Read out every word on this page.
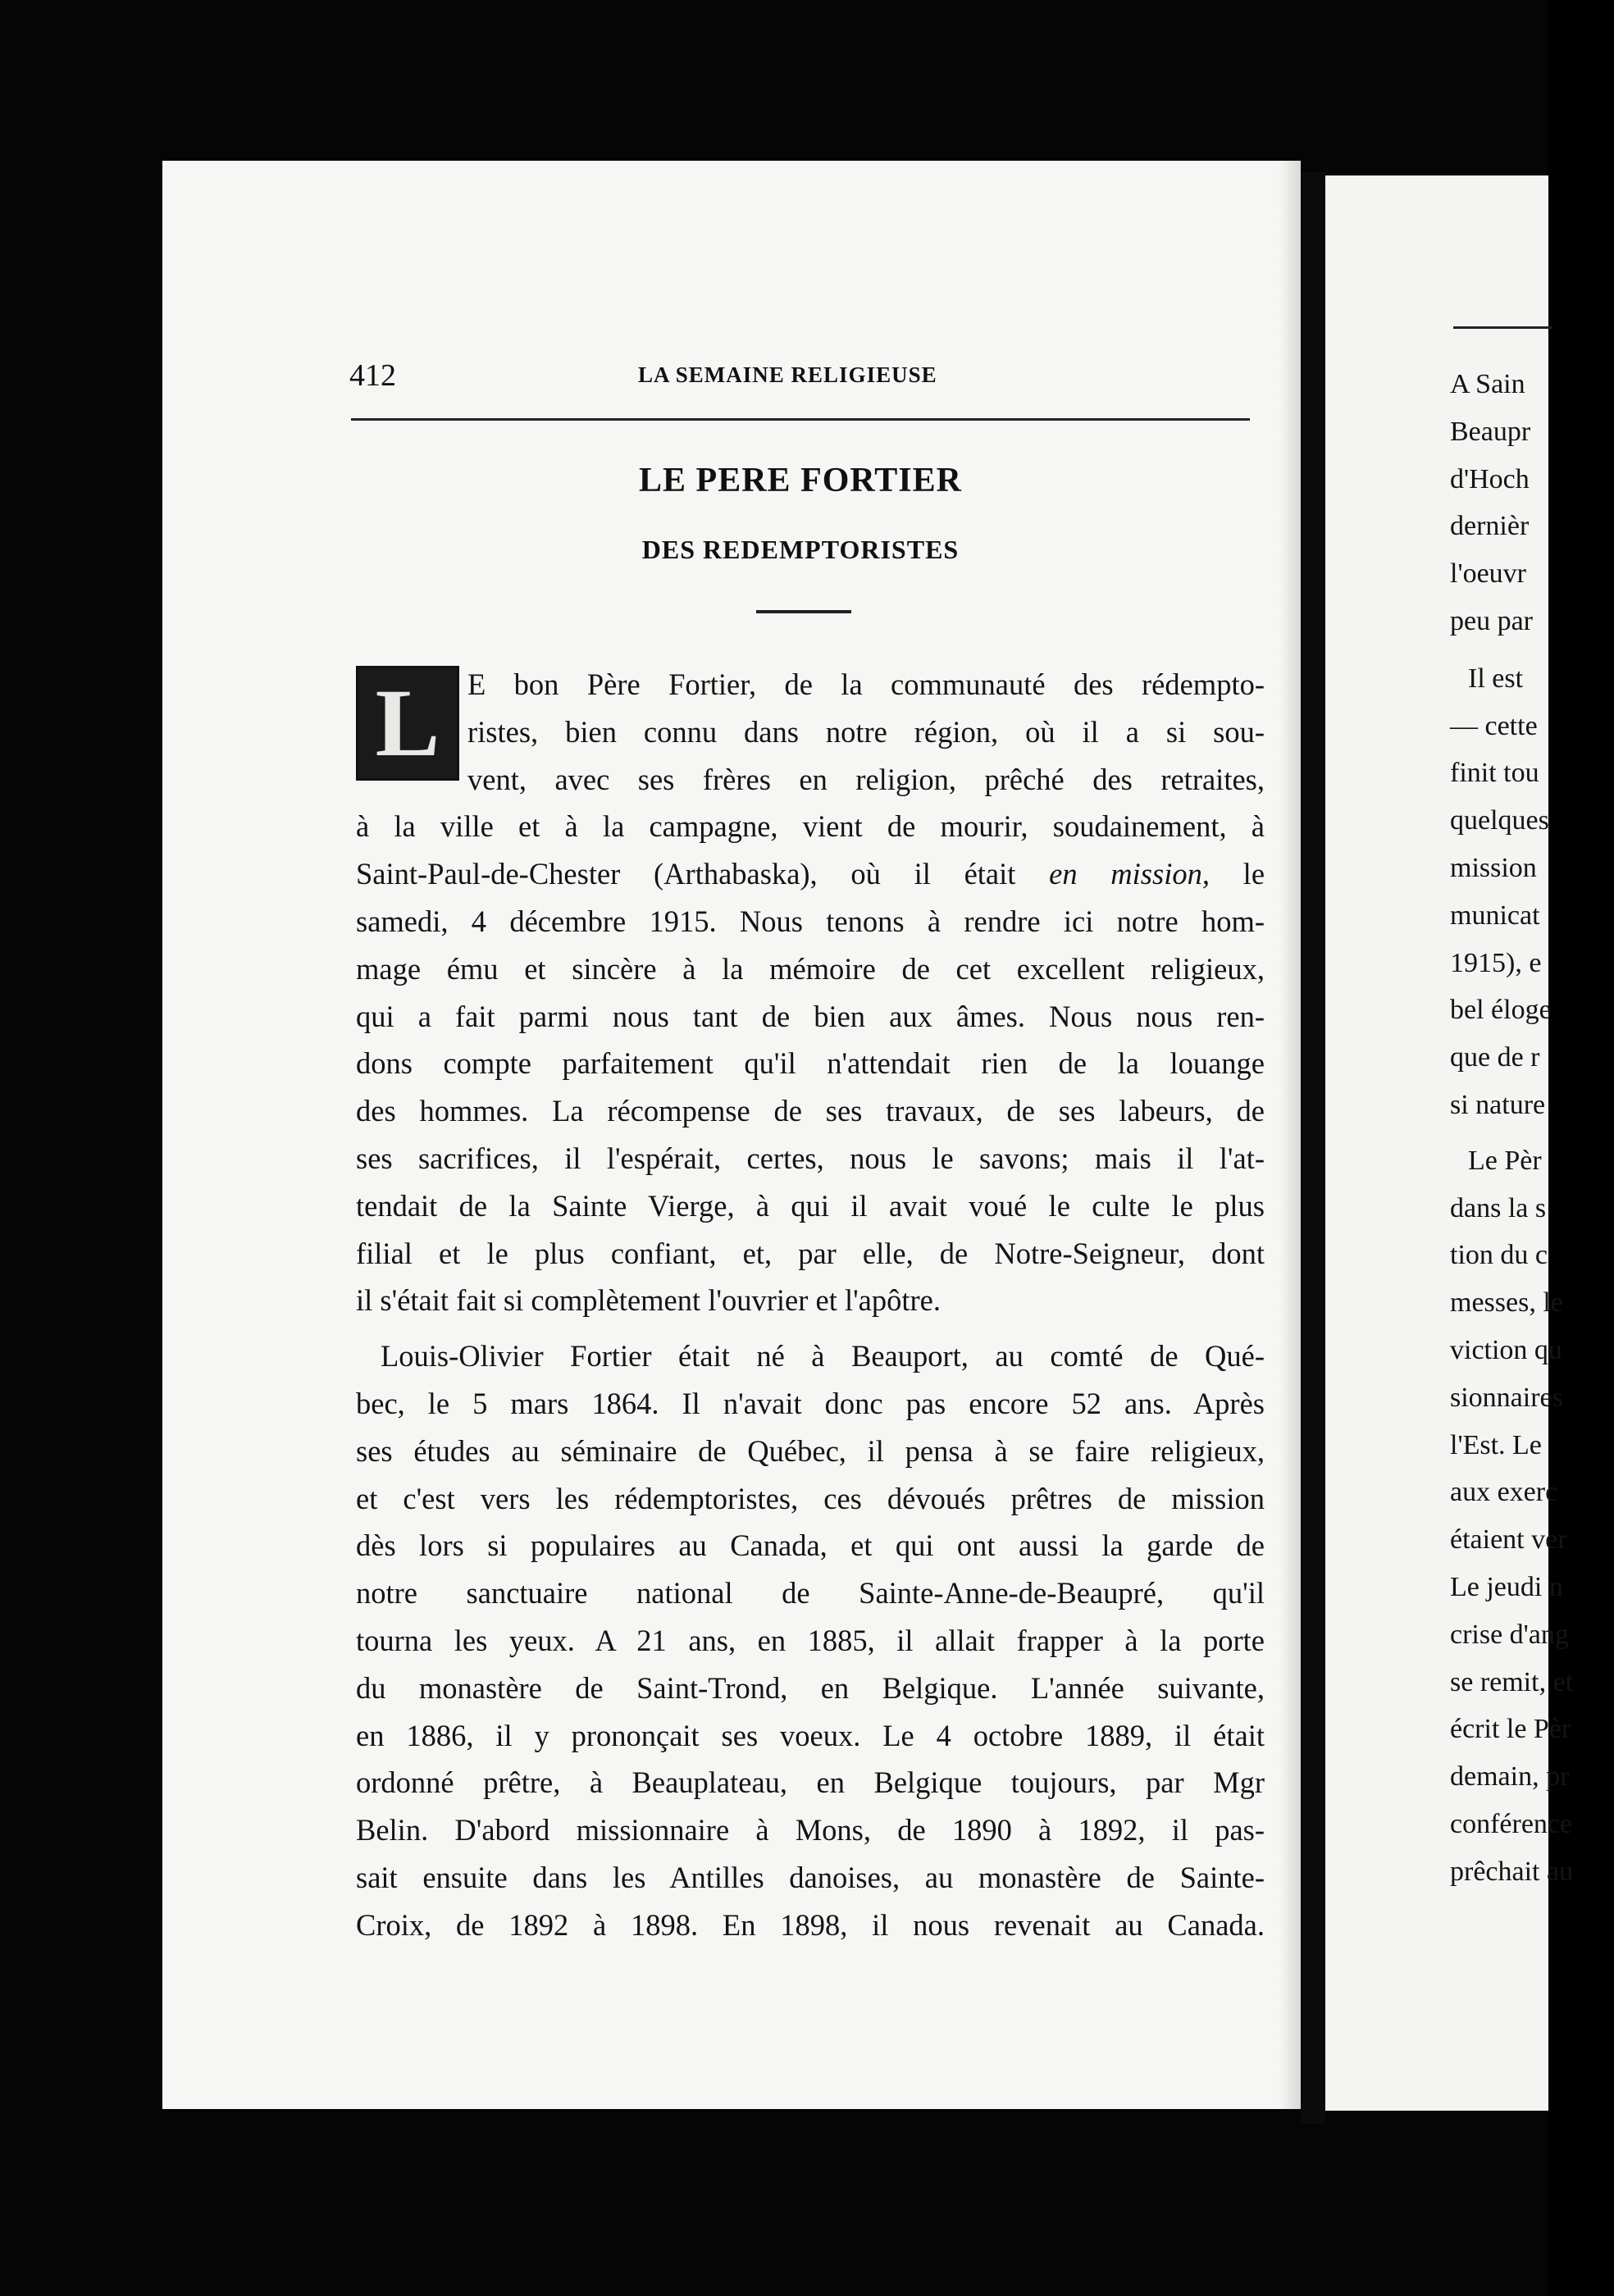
A Sain
Beaupr
d'Hoch
dernièr
l'oeuvr
peu par
Il est
— cette
finit tou
quelques
mission
municat
1915), e
bel éloge
que de r
si nature
Le Pèr
dans la s
tion du c
messes, le
viction qu
sionnaires
l'Est. Le
aux exerc
étaient ver
Le jeudi n
crise d'ang
se remit, et
écrit le Pèr
demain, pr
conférence
prêchait au
412	LA SEMAINE RELIGIEUSE
LE PERE FORTIER
DES REDEMPTORISTES
L E bon Père Fortier, de la communauté des rédempto-
ristes, bien connu dans notre région, où il a si sou-
vent, avec ses frères en religion, prêché des retraites,
à la ville et à la campagne, vient de mourir, soudainement, à
Saint-Paul-de-Chester (Arthabaska), où il était en mission, le
samedi, 4 décembre 1915. Nous tenons à rendre ici notre hom-
mage ému et sincère à la mémoire de cet excellent religieux,
qui a fait parmi nous tant de bien aux âmes. Nous nous ren-
dons compte parfaitement qu'il n'attendait rien de la louange
des hommes. La récompense de ses travaux, de ses labeurs, de
ses sacrifices, il l'espérait, certes, nous le savons; mais il l'at-
tendait de la Sainte Vierge, à qui il avait voué le culte le plus
filial et le plus confiant, et, par elle, de Notre-Seigneur, dont
il s'était fait si complètement l'ouvrier et l'apôtre.

Louis-Olivier Fortier était né à Beauport, au comté de Qué-
bec, le 5 mars 1864. Il n'avait donc pas encore 52 ans. Après
ses études au séminaire de Québec, il pensa à se faire religieux,
et c'est vers les rédemptoristes, ces dévoués prêtres de mission
dès lors si populaires au Canada, et qui ont aussi la garde de
notre sanctuaire national de Sainte-Anne-de-Beaupré, qu'il
tourna les yeux. A 21 ans, en 1885, il allait frapper à la porte
du monastère de Saint-Trond, en Belgique. L'année suivante,
en 1886, il y prononçait ses voeux. Le 4 octobre 1889, il était
ordonné prêtre, à Beauplateau, en Belgique toujours, par Mgr
Belin. D'abord missionnaire à Mons, de 1890 à 1892, il pas-
sait ensuite dans les Antilles danoises, au monastère de Sainte-
Croix, de 1892 à 1898. En 1898, il nous revenait au Canada.
